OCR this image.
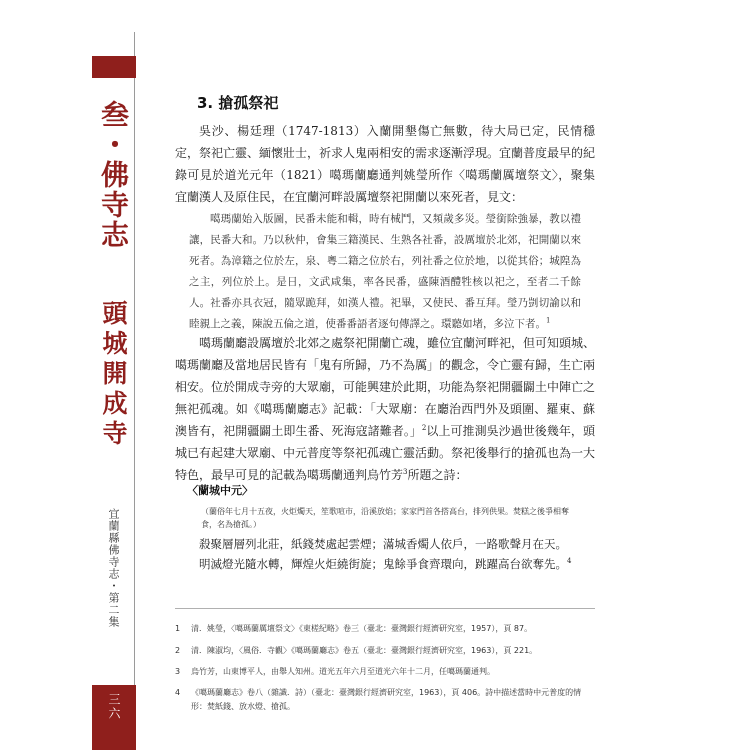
叁・佛寺志
頭城開成寺
宜蘭縣佛寺志・第二集
三六
3. 搶孤祭祀
吳沙、楊廷理（1747-1813）入蘭開墾傷亡無數，待大局已定，民情穩定，祭祀亡靈、緬懷壯士，祈求人鬼兩相安的需求逐漸浮現。宜蘭普度最早的紀錄可見於道光元年（1821）噶瑪蘭廳通判姚瑩所作〈噶瑪蘭厲壇祭文〉，聚集宜蘭漢人及原住民，在宜蘭河畔設厲壇祭祀開蘭以來死者，見文：
噶瑪蘭始入版圖，民番未能和輯，時有械鬥，又頻歲多災。瑩銜除強暴，教以禮讓，民番大和。乃以秋仲，會集三籍漢民、生熟各社番，設厲壇於北郊，祀開蘭以來死者。為漳籍之位於左，泉、粵二籍之位於右，列社番之位於地，以從其俗；城隍為之主，列位於上。是日，文武咸集，率各民番，盛陳酒醴牲核以祀之，至者二千餘人。社番亦具衣冠，隨眾跪拜，如漢人禮。祀畢，又使民、番互拜。瑩乃剴切諭以和睦親上之義，陳說五倫之道，使番番語者逐句傳譯之。環聽如堵，多泣下者。$^1$
噶瑪蘭廳設厲壇於北郊之處祭祀開蘭亡魂，雖位宜蘭河畔祀，但可知頭城、噶瑪蘭廳及當地居民皆有「鬼有所歸，乃不為厲」的觀念，令亡靈有歸，生亡兩相安。位於開成寺旁的大眾廟，可能興建於此期，功能為祭祀開疆闢土中陣亡之無祀孤魂。如《噶瑪蘭廳志》記載：「大眾廟：在廳治西門外及頭圍、羅東、蘇澳皆有，祀開疆闢土即生番、死海寇諸難者。」$^2$以上可推測吳沙過世後幾年，頭城已有起建大眾廟、中元普度等祭祀孤魂亡靈活動。祭祀後舉行的搶孤也為一大特色，最早可見的記載為噶瑪蘭通判烏竹芳$^3$所題之詩：
〈蘭城中元〉
（蘭俗年七月十五夜，火炬燭天，笙歌喧市，沿溪放焰；家家門首各搭高台，排列供果。焚糕之後爭相奪食，名為搶孤。）
殺聚層層列北莊，紙錢焚處起雲煙；滿城香燭人依戶，一路歌聲月在天。
明滅燈光隨水轉，輝煌火炬繞街旋；鬼餘爭食齊環向，跳躍高台欲奪先。$^4$
1 清．姚瑩，〈噶瑪蘭厲壇祭文〉《東槎紀略》卷三（臺北：臺灣銀行經濟研究室，1957），頁 87。
2 清．陳淑均，〈風俗．寺觀〉《噶瑪蘭廳志》卷五（臺北：臺灣銀行經濟研究室，1963），頁 221。
3 烏竹芳，山東博平人，由舉人知州。道光五年六月至道光六年十二月，任噶瑪蘭通判。
4 《噶瑪蘭廳志》卷八（雜識．詩）（臺北：臺灣銀行經濟研究室，1963），頁 406。詩中描述當時中元普度的情形：焚紙錢、放水燈、搶孤。
